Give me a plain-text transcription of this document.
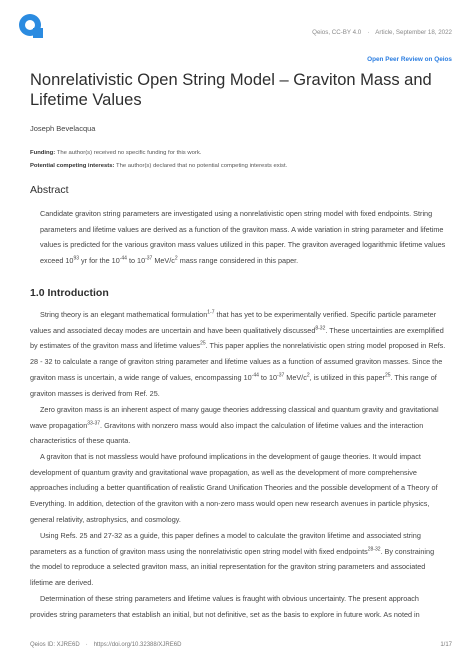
Qeios, CC-BY 4.0 · Article, September 18, 2022
Open Peer Review on Qeios
Nonrelativistic Open String Model – Graviton Mass and Lifetime Values
Joseph Bevelacqua
Funding: The author(s) received no specific funding for this work.
Potential competing interests: The author(s) declared that no potential competing interests exist.
Abstract

Candidate graviton string parameters are investigated using a nonrelativistic open string model with fixed endpoints. String parameters and lifetime values are derived as a function of the graviton mass. A wide variation in string parameter and lifetime values is predicted for the various graviton mass values utilized in this paper. The graviton averaged logarithmic lifetime values exceed $10^{93}$ yr for the $10^{-44}$ to $10^{-37}$ MeV/$c^2$ mass range considered in this paper.

1.0 Introduction

String theory is an elegant mathematical formulation$^{1-7}$ that has yet to be experimentally verified. Specific particle parameter values and associated decay modes are uncertain and have been qualitatively discussed$^{8-32}$. These uncertainties are exemplified by estimates of the graviton mass and lifetime values$^{25}$. This paper applies the nonrelativistic open string model proposed in Refs. 28 - 32 to calculate a range of graviton string parameter and lifetime values as a function of assumed graviton masses. Since the graviton mass is uncertain, a wide range of values, encompassing $10^{-44}$ to $10^{-37}$ MeV/$c^2$, is utilized in this paper$^{25}$. This range of graviton masses is derived from Ref. 25.

Zero graviton mass is an inherent aspect of many gauge theories addressing classical and quantum gravity and gravitational wave propagation$^{33-37}$. Gravitons with nonzero mass would also impact the calculation of lifetime values and the interaction characteristics of these quanta.

A graviton that is not massless would have profound implications in the development of gauge theories. It would impact development of quantum gravity and gravitational wave propagation, as well as the development of more comprehensive approaches including a better quantification of realistic Grand Unification Theories and the possible development of a Theory of Everything. In addition, detection of the graviton with a non-zero mass would open new research avenues in particle physics, general relativity, astrophysics, and cosmology.

Using Refs. 25 and 27-32 as a guide, this paper defines a model to calculate the graviton lifetime and associated string parameters as a function of graviton mass using the nonrelativistic open string model with fixed endpoints$^{28-32}$. By constraining the model to reproduce a selected graviton mass, an initial representation for the graviton string parameters and associated lifetime are derived.

Determination of these string parameters and lifetime values is fraught with obvious uncertainty. The present approach provides string parameters that establish an initial, but not definitive, set as the basis to explore in future work. As noted in

Qeios ID: XJRE6D · https://doi.org/10.32388/XJRE6D	1/17
